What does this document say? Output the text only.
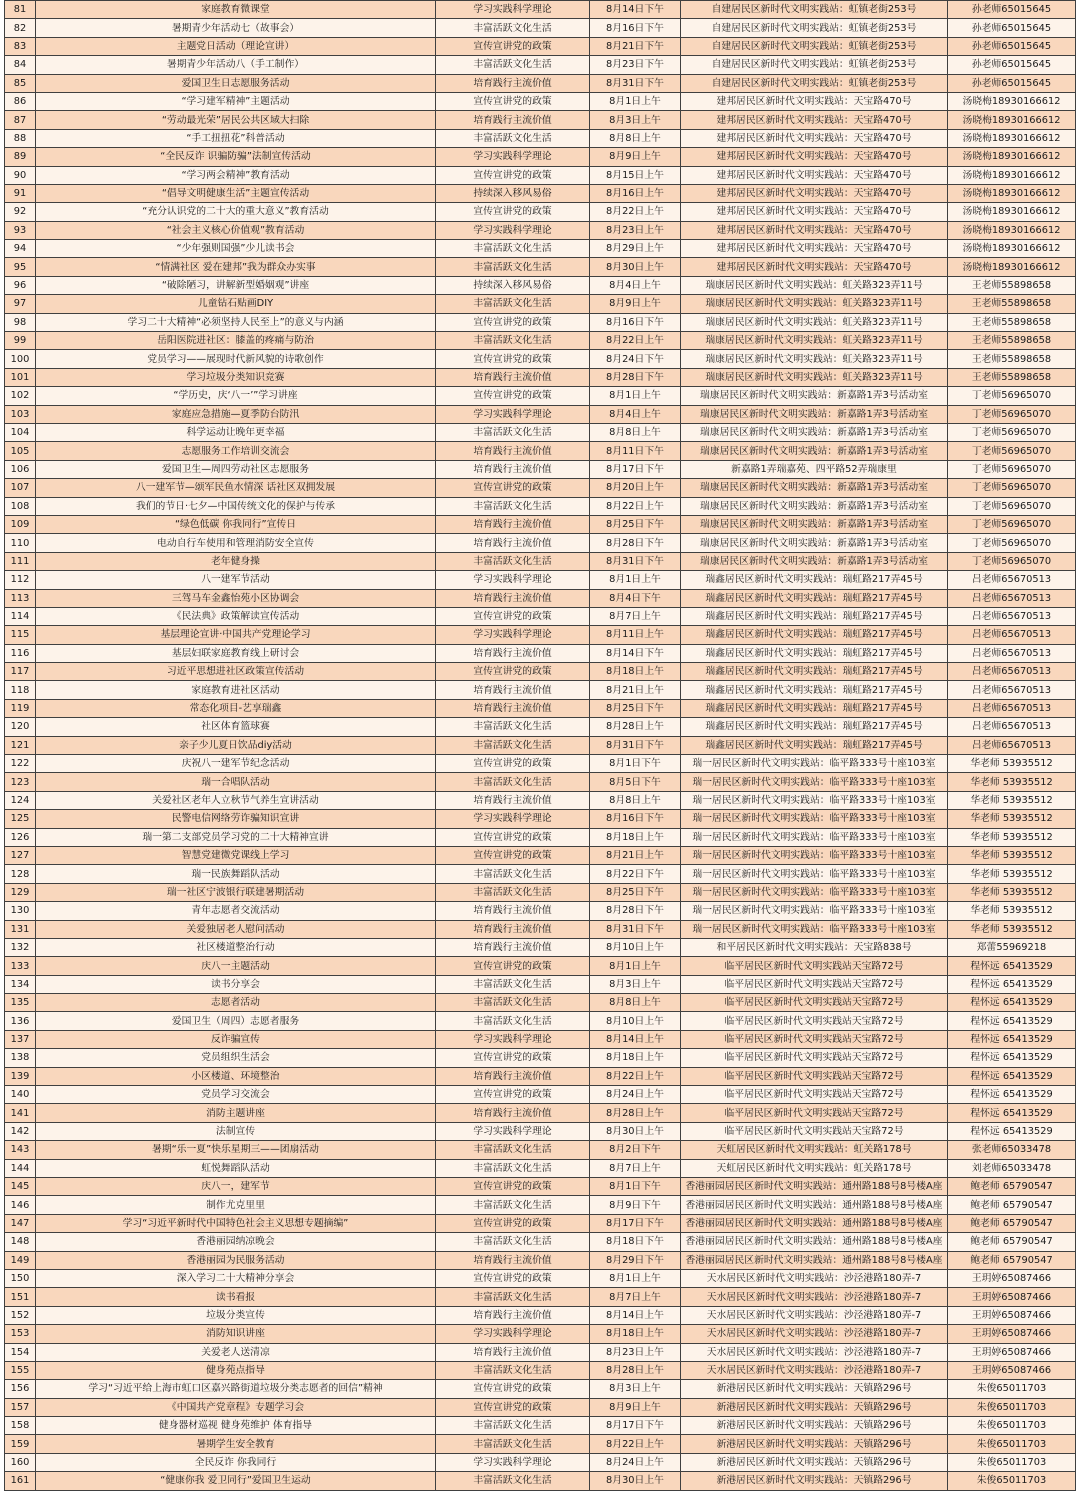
81	家庭教育微课堂	学习实践科学理论	8月14日下午	自建居民区新时代文明实践站：虹镇老街253号	孙老师65015645
82	暑期青少年活动七（故事会）	丰富活跃文化生活	8月16日下午	自建居民区新时代文明实践站：虹镇老街253号	孙老师65015645
83	主题党日活动（理论宣讲）	宣传宣讲党的政策	8月21日下午	自建居民区新时代文明实践站：虹镇老街253号	孙老师65015645
84	暑期青少年活动八（手工制作）	丰富活跃文化生活	8月23日下午	自建居民区新时代文明实践站：虹镇老街253号	孙老师65015645
85	爱国卫生日志愿服务活动	培育践行主流价值	8月31日下午	自建居民区新时代文明实践站：虹镇老街253号	孙老师65015645
86	“学习建军精神”主题活动	宣传宣讲党的政策	8月1日上午	建邦居民区新时代文明实践站：天宝路470号	汤晓梅18930166612
87	“劳动最光荣”居民公共区域大扫除	培育践行主流价值	8月3日上午	建邦居民区新时代文明实践站：天宝路470号	汤晓梅18930166612
88	“手工扭扭花”科普活动	丰富活跃文化生活	8月8日上午	建邦居民区新时代文明实践站：天宝路470号	汤晓梅18930166612
89	“全民反诈 识骗防骗”法制宣传活动	学习实践科学理论	8月9日上午	建邦居民区新时代文明实践站：天宝路470号	汤晓梅18930166612
90	“学习两会精神”教育活动	宣传宣讲党的政策	8月15日上午	建邦居民区新时代文明实践站：天宝路470号	汤晓梅18930166612
91	“倡导文明健康生活”主题宣传活动	持续深入移风易俗	8月16日上午	建邦居民区新时代文明实践站：天宝路470号	汤晓梅18930166612
92	“充分认识党的二十大的重大意义”教育活动	宣传宣讲党的政策	8月22日上午	建邦居民区新时代文明实践站：天宝路470号	汤晓梅18930166612
93	“社会主义核心价值观”教育活动	学习实践科学理论	8月23日上午	建邦居民区新时代文明实践站：天宝路470号	汤晓梅18930166612
94	“少年强则国强”少儿读书会	丰富活跃文化生活	8月29日上午	建邦居民区新时代文明实践站：天宝路470号	汤晓梅18930166612
95	“情满社区 爱在建邦”我为群众办实事	丰富活跃文化生活	8月30日上午	建邦居民区新时代文明实践站：天宝路470号	汤晓梅18930166612
96	“破除陋习，讲解新型婚姻观”讲座	持续深入移风易俗	8月4日上午	瑞康居民区新时代文明实践站：虹关路323弄11号	王老师55898658
97	儿童钻石贴画DIY	丰富活跃文化生活	8月9日上午	瑞康居民区新时代文明实践站：虹关路323弄11号	王老师55898658
98	学习二十大精神“必须坚持人民至上”的意义与内涵	宣传宣讲党的政策	8月16日下午	瑞康居民区新时代文明实践站：虹关路323弄11号	王老师55898658
99	岳阳医院进社区：膝盖的疼痛与防治	丰富活跃文化生活	8月22日上午	瑞康居民区新时代文明实践站：虹关路323弄11号	王老师55898658
100	党员学习——展现时代新风貌的诗歌创作	宣传宣讲党的政策	8月24日下午	瑞康居民区新时代文明实践站：虹关路323弄11号	王老师55898658
101	学习垃圾分类知识竞赛	培育践行主流价值	8月28日下午	瑞康居民区新时代文明实践站：虹关路323弄11号	王老师55898658
102	“学历史，庆‘八一’”学习讲座	宣传宣讲党的政策	8月1日上午	瑞康居民区新时代文明实践站：新嘉路1弄3号活动室	丁老师56965070
103	家庭应急措施—夏季防台防汛	学习实践科学理论	8月4日上午	瑞康居民区新时代文明实践站：新嘉路1弄3号活动室	丁老师56965070
104	科学运动让晚年更幸福	丰富活跃文化生活	8月8日上午	瑞康居民区新时代文明实践站：新嘉路1弄3号活动室	丁老师56965070
105	志愿服务工作培训交流会	培育践行主流价值	8月11日下午	瑞康居民区新时代文明实践站：新嘉路1弄3号活动室	丁老师56965070
106	爱国卫生—周四劳动社区志愿服务	培育践行主流价值	8月17日下午	新嘉路1弄瑞嘉苑、四平路52弄瑞康里	丁老师56965070
107	八一建军节—颂军民鱼水情深 话社区双拥发展	宣传宣讲党的政策	8月20日上午	瑞康居民区新时代文明实践站：新嘉路1弄3号活动室	丁老师56965070
108	我们的节日·七夕—中国传统文化的保护与传承	丰富活跃文化生活	8月22日上午	瑞康居民区新时代文明实践站：新嘉路1弄3号活动室	丁老师56965070
109	“绿色低碳 你我同行”宣传日	培育践行主流价值	8月25日下午	瑞康居民区新时代文明实践站：新嘉路1弄3号活动室	丁老师56965070
110	电动自行车使用和管理消防安全宣传	培育践行主流价值	8月28日下午	瑞康居民区新时代文明实践站：新嘉路1弄3号活动室	丁老师56965070
111	老年健身操	丰富活跃文化生活	8月31日下午	瑞康居民区新时代文明实践站：新嘉路1弄3号活动室	丁老师56965070
112	八一建军节活动	学习实践科学理论	8月1日上午	瑞鑫居民区新时代文明实践站：瑞虹路217弄45号	吕老师65670513
113	三驾马车金鑫怡苑小区协调会	培育践行主流价值	8月4日下午	瑞鑫居民区新时代文明实践站：瑞虹路217弄45号	吕老师65670513
114	《民法典》政策解读宣传活动	宣传宣讲党的政策	8月7日上午	瑞鑫居民区新时代文明实践站：瑞虹路217弄45号	吕老师65670513
115	基层理论宣讲·中国共产党理论学习	学习实践科学理论	8月11日上午	瑞鑫居民区新时代文明实践站：瑞虹路217弄45号	吕老师65670513
116	基层妇联家庭教育线上研讨会	培育践行主流价值	8月14日下午	瑞鑫居民区新时代文明实践站：瑞虹路217弄45号	吕老师65670513
117	习近平思想进社区政策宣传活动	宣传宣讲党的政策	8月18日上午	瑞鑫居民区新时代文明实践站：瑞虹路217弄45号	吕老师65670513
118	家庭教育进社区活动	培育践行主流价值	8月21日上午	瑞鑫居民区新时代文明实践站：瑞虹路217弄45号	吕老师65670513
119	常态化项目-艺享瑞鑫	培育践行主流价值	8月25日下午	瑞鑫居民区新时代文明实践站：瑞虹路217弄45号	吕老师65670513
120	社区体育篮球赛	丰富活跃文化生活	8月28日上午	瑞鑫居民区新时代文明实践站：瑞虹路217弄45号	吕老师65670513
121	亲子少儿夏日饮品diy活动	丰富活跃文化生活	8月31日下午	瑞鑫居民区新时代文明实践站：瑞虹路217弄45号	吕老师65670513
122	庆祝八一建军节纪念活动	宣传宣讲党的政策	8月1日下午	瑞一居民区新时代文明实践站：临平路333号十座103室	华老师 53935512
123	瑞一合唱队活动	丰富活跃文化生活	8月5日下午	瑞一居民区新时代文明实践站：临平路333号十座103室	华老师 53935512
124	关爱社区老年人立秋节气养生宣讲活动	培育践行主流价值	8月8日上午	瑞一居民区新时代文明实践站：临平路333号十座103室	华老师 53935512
125	民警电信网络劳诈骗知识宣讲	学习实践科学理论	8月16日下午	瑞一居民区新时代文明实践站：临平路333号十座103室	华老师 53935512
126	瑞一第二支部党员学习党的二十大精神宣讲	宣传宣讲党的政策	8月18日上午	瑞一居民区新时代文明实践站：临平路333号十座103室	华老师 53935512
127	智慧党建微党课线上学习	宣传宣讲党的政策	8月21日上午	瑞一居民区新时代文明实践站：临平路333号十座103室	华老师 53935512
128	瑞一民族舞蹈队活动	丰富活跃文化生活	8月22日下午	瑞一居民区新时代文明实践站：临平路333号十座103室	华老师 53935512
129	瑞一社区宁波银行联建暑期活动	丰富活跃文化生活	8月25日下午	瑞一居民区新时代文明实践站：临平路333号十座103室	华老师 53935512
130	青年志愿者交流活动	培育践行主流价值	8月28日下午	瑞一居民区新时代文明实践站：临平路333号十座103室	华老师 53935512
131	关爱独居老人慰问活动	培育践行主流价值	8月31日下午	瑞一居民区新时代文明实践站：临平路333号十座103室	华老师 53935512
132	社区楼道整治行动	培育践行主流价值	8月10日上午	和平居民区新时代文明实践站：天宝路838号	郑蕾55969218
133	庆八一主题活动	宣传宣讲党的政策	8月1日上午	临平居民区新时代文明实践站天宝路72号	程怀远 65413529
134	读书分享会	丰富活跃文化生活	8月3日上午	临平居民区新时代文明实践站天宝路72号	程怀远 65413529
135	志愿者活动	丰富活跃文化生活	8月8日上午	临平居民区新时代文明实践站天宝路72号	程怀远 65413529
136	爱国卫生（周四）志愿者服务	丰富活跃文化生活	8月10日上午	临平居民区新时代文明实践站天宝路72号	程怀远 65413529
137	反诈骗宣传	学习实践科学理论	8月14日上午	临平居民区新时代文明实践站天宝路72号	程怀远 65413529
138	党员组织生活会	宣传宣讲党的政策	8月18日上午	临平居民区新时代文明实践站天宝路72号	程怀远 65413529
139	小区楼道、环境整治	培育践行主流价值	8月22日上午	临平居民区新时代文明实践站天宝路72号	程怀远 65413529
140	党员学习交流会	宣传宣讲党的政策	8月24日上午	临平居民区新时代文明实践站天宝路72号	程怀远 65413529
141	消防主题讲座	培育践行主流价值	8月28日上午	临平居民区新时代文明实践站天宝路72号	程怀远 65413529
142	法制宣传	学习实践科学理论	8月30日上午	临平居民区新时代文明实践站天宝路72号	程怀远 65413529
143	暑期“乐一夏”快乐星期三——团扇活动	丰富活跃文化生活	8月2日下午	天虹居民区新时代文明实践站：虹关路178号	张老师65033478
144	虹悦舞蹈队活动	丰富活跃文化生活	8月7日上午	天虹居民区新时代文明实践站：虹关路178号	刘老师65033478
145	庆八一，建军节	宣传宣讲党的政策	8月1日下午	香港丽园居民区新时代文明实践站：通州路188号8号楼A座	鲍老师 65790547
146	制作尤克里里	丰富活跃文化生活	8月9日下午	香港丽园居民区新时代文明实践站：通州路188号8号楼A座	鲍老师 65790547
147	学习“习近平新时代中国特色社会主义思想专题摘编”	宣传宣讲党的政策	8月17日下午	香港丽园居民区新时代文明实践站：通州路188号8号楼A座	鲍老师 65790547
148	香港丽园纳凉晚会	丰富活跃文化生活	8月18日下午	香港丽园居民区新时代文明实践站：通州路188号8号楼A座	鲍老师 65790547
149	香港丽园为民服务活动	培育践行主流价值	8月29日下午	香港丽园居民区新时代文明实践站：通州路188号8号楼A座	鲍老师 65790547
150	深入学习二十大精神分享会	宣传宣讲党的政策	8月1日上午	天水居民区新时代文明实践站：沙泾港路180弄-7	王玥婷65087466
151	读书看报	丰富活跃文化生活	8月7日上午	天水居民区新时代文明实践站：沙泾港路180弄-7	王玥婷65087466
152	垃圾分类宣传	培育践行主流价值	8月14日上午	天水居民区新时代文明实践站：沙泾港路180弄-7	王玥婷65087466
153	消防知识讲座	学习实践科学理论	8月18日上午	天水居民区新时代文明实践站：沙泾港路180弄-7	王玥婷65087466
154	关爱老人送清凉	培育践行主流价值	8月23日上午	天水居民区新时代文明实践站：沙泾港路180弄-7	王玥婷65087466
155	健身苑点指导	丰富活跃文化生活	8月28日上午	天水居民区新时代文明实践站：沙泾港路180弄-7	王玥婷65087466
156	学习“习近平给上海市虹口区嘉兴路街道垃圾分类志愿者的回信”精神	宣传宣讲党的政策	8月3日上午	新港居民区新时代文明实践站：天镇路296号	朱俊65011703
157	《中国共产党章程》专题学习会	宣传宣讲党的政策	8月9日上午	新港居民区新时代文明实践站：天镇路296号	朱俊65011703
158	健身器材巡视 健身苑维护 体育指导	丰富活跃文化生活	8月17日下午	新港居民区新时代文明实践站：天镇路296号	朱俊65011703
159	暑期学生安全教育	丰富活跃文化生活	8月22日上午	新港居民区新时代文明实践站：天镇路296号	朱俊65011703
160	全民反诈 你我同行	学习实践科学理论	8月24日上午	新港居民区新时代文明实践站：天镇路296号	朱俊65011703
161	“健康你我 爱卫同行”爱国卫生运动	丰富活跃文化生活	8月30日上午	新港居民区新时代文明实践站：天镇路296号	朱俊65011703
